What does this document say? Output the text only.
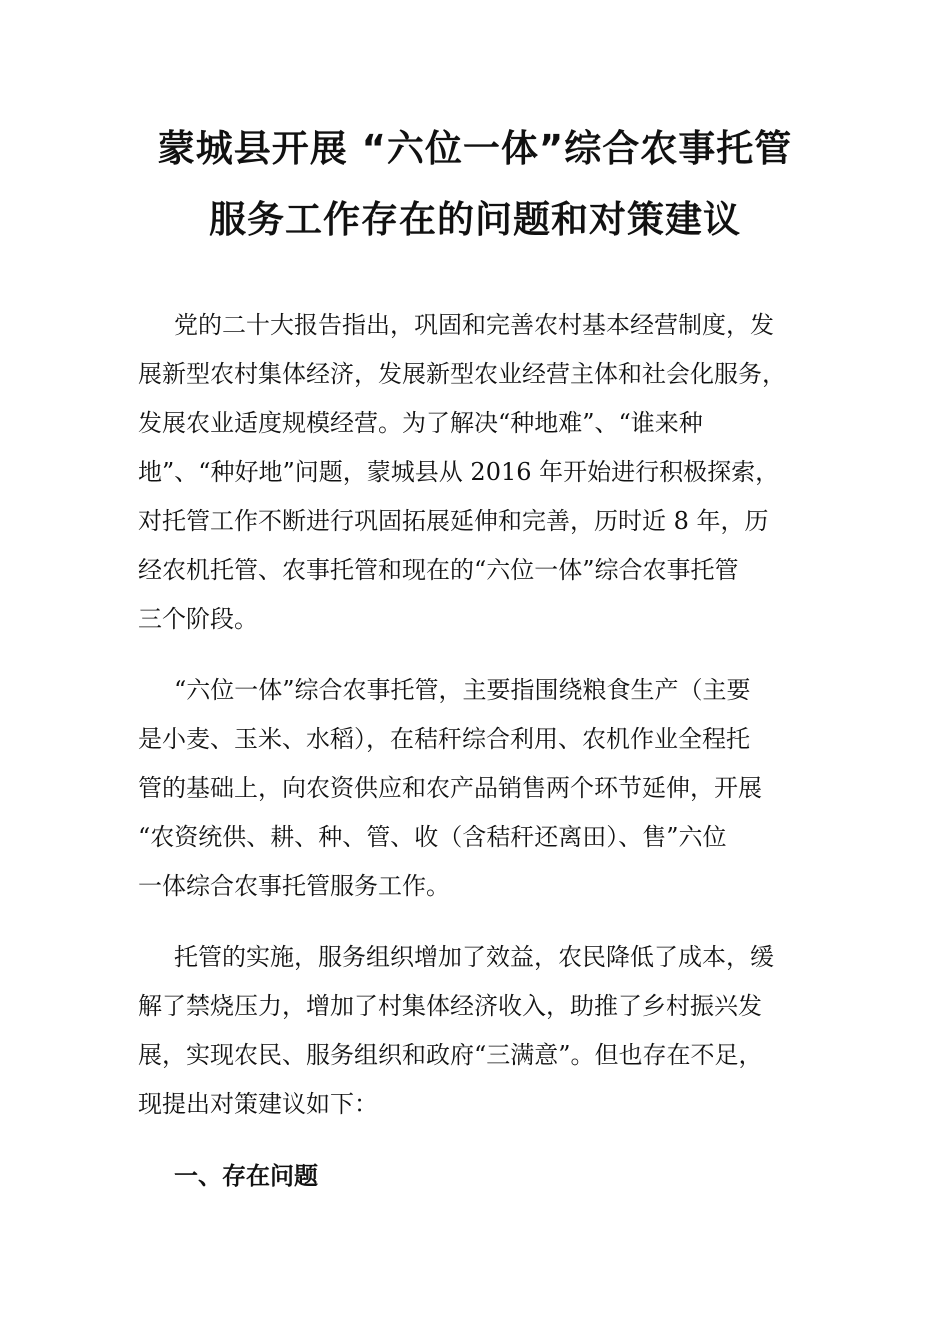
蒙城县开展 “六位一体”综合农事托管
服务工作存在的问题和对策建议
党的二十大报告指出，巩固和完善农村基本经营制度，发
展新型农村集体经济，发展新型农业经营主体和社会化服务，
发展农业适度规模经营。为了解决“种地难”、“谁来种
地”、“种好地”问题，蒙城县从 2016 年开始进行积极探索，
对托管工作不断进行巩固拓展延伸和完善，历时近 8 年，历
经农机托管、农事托管和现在的“六位一体”综合农事托管
三个阶段。
“六位一体”综合农事托管，主要指围绕粮食生产（主要
是小麦、玉米、水稻），在秸秆综合利用、农机作业全程托
管的基础上，向农资供应和农产品销售两个环节延伸，开展
“农资统供、耕、种、管、收（含秸秆还离田）、售”六位
一体综合农事托管服务工作。
托管的实施，服务组织增加了效益，农民降低了成本，缓
解了禁烧压力，增加了村集体经济收入，助推了乡村振兴发
展，实现农民、服务组织和政府“三满意”。但也存在不足，
现提出对策建议如下：
一、存在问题
